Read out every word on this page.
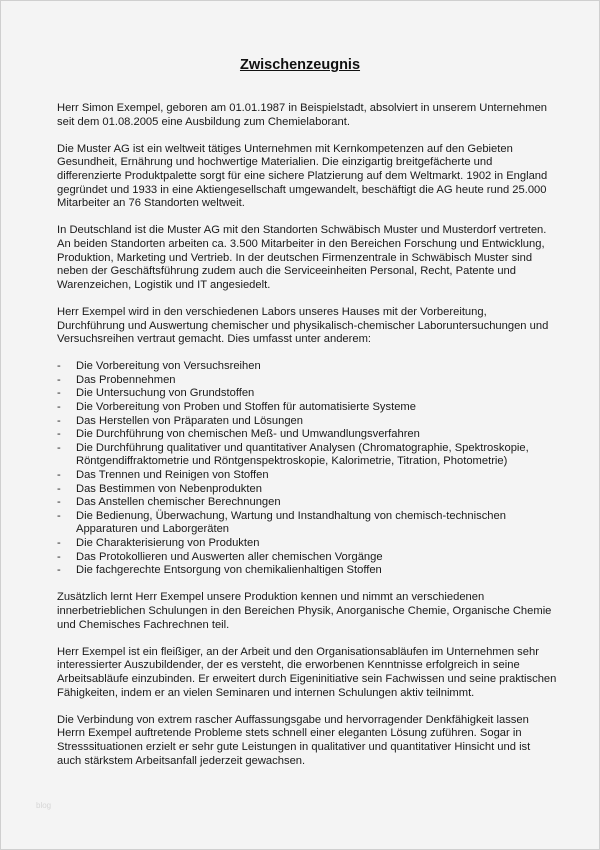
Zwischenzeugnis

Herr Simon Exempel, geboren am 01.01.1987 in Beispielstadt, absolviert in unserem Unternehmen seit dem 01.08.2005 eine Ausbildung zum Chemielaborant.

Die Muster AG ist ein weltweit tätiges Unternehmen mit Kernkompetenzen auf den Gebieten Gesundheit, Ernährung und hochwertige Materialien. Die einzigartig breitgefächerte und differenzierte Produktpalette sorgt für eine sichere Platzierung auf dem Weltmarkt. 1902 in England gegründet und 1933 in eine Aktiengesellschaft umgewandelt, beschäftigt die AG heute rund 25.000 Mitarbeiter an 76 Standorten weltweit.

In Deutschland ist die Muster AG mit den Standorten Schwäbisch Muster und Musterdorf vertreten. An beiden Standorten arbeiten ca. 3.500 Mitarbeiter in den Bereichen Forschung und Entwicklung, Produktion, Marketing und Vertrieb. In der deutschen Firmenzentrale in Schwäbisch Muster sind neben der Geschäftsführung zudem auch die Serviceeinheiten Personal, Recht, Patente und Warenzeichen, Logistik und IT angesiedelt.

Herr Exempel wird in den verschiedenen Labors unseres Hauses mit der Vorbereitung, Durchführung und Auswertung chemischer und physikalisch-chemischer Laboruntersuchungen und Versuchsreihen vertraut gemacht. Dies umfasst unter anderem:

- Die Vorbereitung von Versuchsreihen
- Das Probennehmen
- Die Untersuchung von Grundstoffen
- Die Vorbereitung von Proben und Stoffen für automatisierte Systeme
- Das Herstellen von Präparaten und Lösungen
- Die Durchführung von chemischen Meß- und Umwandlungsverfahren
- Die Durchführung qualitativer und quantitativer Analysen (Chromatographie, Spektroskopie, Röntgendiffraktometrie und Röntgenspektroskopie, Kalorimetrie, Titration, Photometrie)
- Das Trennen und Reinigen von Stoffen
- Das Bestimmen von Nebenprodukten
- Das Anstellen chemischer Berechnungen
- Die Bedienung, Überwachung, Wartung und Instandhaltung von chemisch-technischen Apparaturen und Laborgeräten
- Die Charakterisierung von Produkten
- Das Protokollieren und Auswerten aller chemischen Vorgänge
- Die fachgerechte Entsorgung von chemikalienhaltigen Stoffen

Zusätzlich lernt Herr Exempel unsere Produktion kennen und nimmt an verschiedenen innerbetrieblichen Schulungen in den Bereichen Physik, Anorganische Chemie, Organische Chemie und Chemisches Fachrechnen teil.

Herr Exempel ist ein fleißiger, an der Arbeit und den Organisationsabläufen im Unternehmen sehr interessierter Auszubildender, der es versteht, die erworbenen Kenntnisse erfolgreich in seine Arbeitsabläufe einzubinden. Er erweitert durch Eigeninitiative sein Fachwissen und seine praktischen Fähigkeiten, indem er an vielen Seminaren und internen Schulungen aktiv teilnimmt.

Die Verbindung von extrem rascher Auffassungsgabe und hervorragender Denkfähigkeit lassen Herrn Exempel auftretende Probleme stets schnell einer eleganten Lösung zuführen. Sogar in Stresssituationen erzielt er sehr gute Leistungen in qualitativer und quantitativer Hinsicht und ist auch stärkstem Arbeitsanfall jederzeit gewachsen.

blog
